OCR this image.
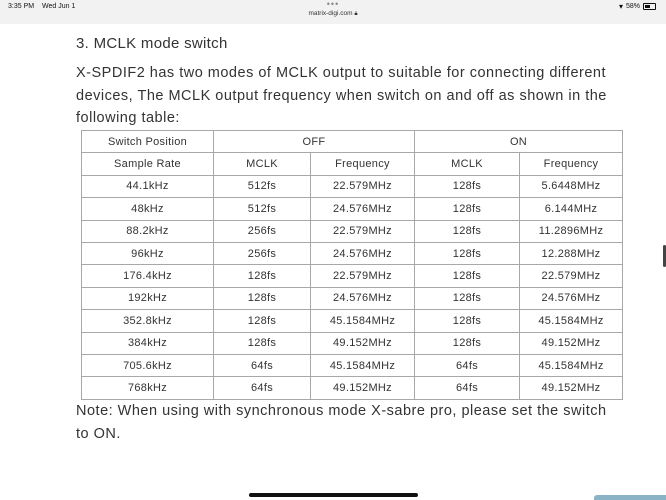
3:35 PM Wed Jun 1	•••
matrix-digi.com 🔒︎
▾ 58%
3. MCLK mode switch

X-SPDIF2 has two modes of MCLK output to suitable for connecting different devices, The MCLK output frequency when switch on and off as shown in the following table:

Switch Position	OFF		ON	
Sample Rate	MCLK	Frequency	MCLK	Frequency
44.1kHz	512fs	22.579MHz	128fs	5.6448MHz
48kHz	512fs	24.576MHz	128fs	6.144MHz
88.2kHz	256fs	22.579MHz	128fs	11.2896MHz
96kHz	256fs	24.576MHz	128fs	12.288MHz
176.4kHz	128fs	22.579MHz	128fs	22.579MHz
192kHz	128fs	24.576MHz	128fs	24.576MHz
352.8kHz	128fs	45.1584MHz	128fs	45.1584MHz
384kHz	128fs	49.152MHz	128fs	49.152MHz
705.6kHz	64fs	45.1584MHz	64fs	45.1584MHz
768kHz	64fs	49.152MHz	64fs	49.152MHz

Note: When using with synchronous mode X-sabre pro, please set the switch to ON.
